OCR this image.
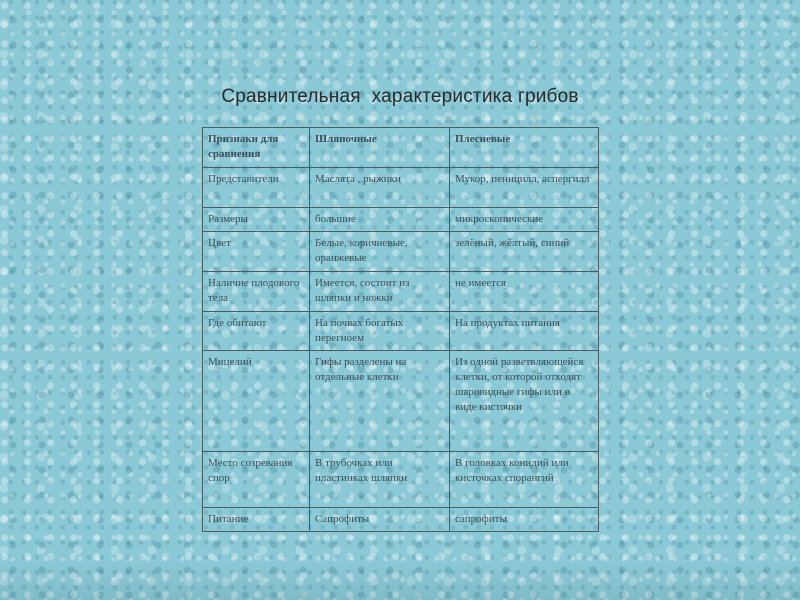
Сравнительная  характеристика грибов
Признаки для сравнения	Шляпочные	Плесневые
Представители	Маслята , рыжики	Мукор, пеницилл, аспергилл
Размеры	большие	микроскопические
Цвет	Белые, коричневые, оранжевые	зелёный, жёлтый, синий
Наличие плодового тела	Имеется, состоит из шляпки и ножки	не имеется
Где обитают	На почвах богатых перегноем	На продуктах питания
Мицелий	Гифы разделены на отдельные клетки	Из одной разветвляющейся клетки, от которой отходят шаровидные гифы или в виде кисточки
Место созревания спор	В трубочках или пластинках шляпки	В головках конидий или кисточках спорангий
Питание	Сапрофиты	сапрофиты
